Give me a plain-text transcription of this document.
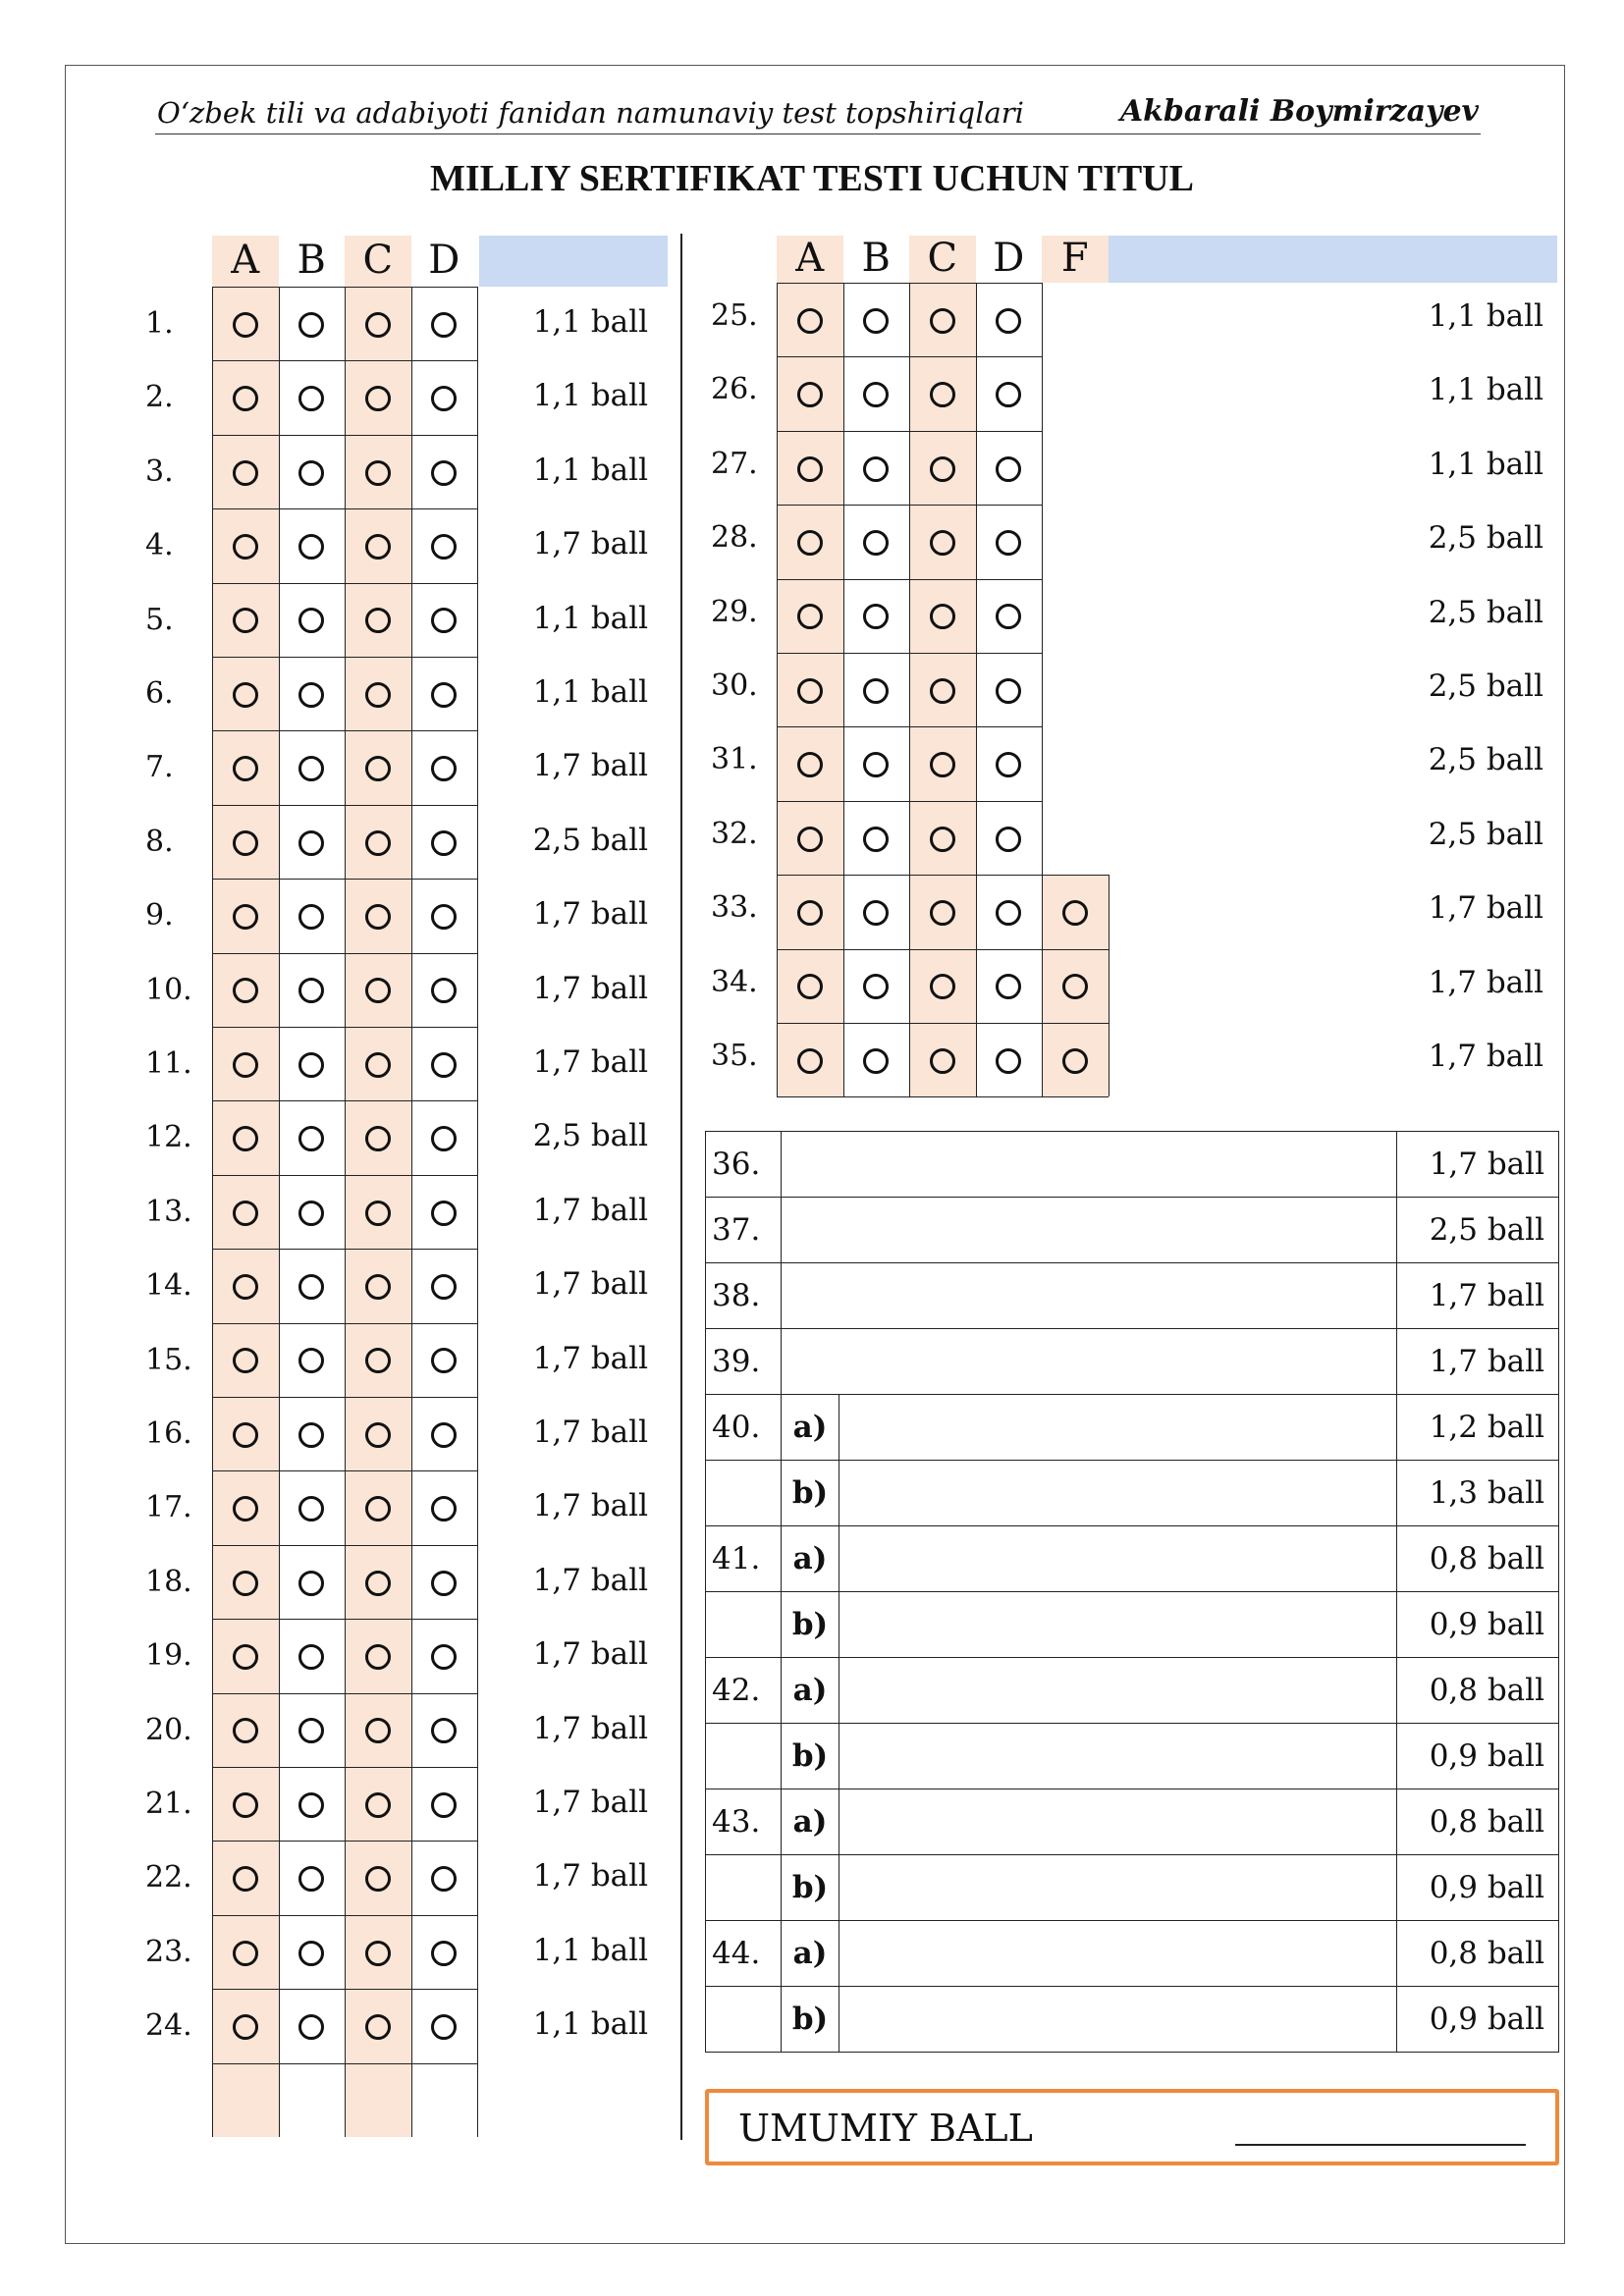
O‘zbek tili va adabiyoti fanidan namunaviy test topshiriqlari	Akbarali Boymirzayev
MILLIY SERTIFIKAT TESTI UCHUN TITUL
A B C D
1.	1,1 ball
2.	1,1 ball
3.	1,1 ball
4.	1,7 ball
5.	1,1 ball
6.	1,1 ball
7.	1,7 ball
8.	2,5 ball
9.	1,7 ball
10.	1,7 ball
11.	1,7 ball
12.	2,5 ball
13.	1,7 ball
14.	1,7 ball
15.	1,7 ball
16.	1,7 ball
17.	1,7 ball
18.	1,7 ball
19.	1,7 ball
20.	1,7 ball
21.	1,7 ball
22.	1,7 ball
23.	1,1 ball
24.	1,1 ball
A B C D F
25.	1,1 ball
26.	1,1 ball
27.	1,1 ball
28.	2,5 ball
29.	2,5 ball
30.	2,5 ball
31.	2,5 ball
32.	2,5 ball
33.	1,7 ball
34.	1,7 ball
35.	1,7 ball
36.			1,7 ball
37.			2,5 ball
38.			1,7 ball
39.			1,7 ball
40.	a)		1,2 ball
	b)		1,3 ball
41.	a)		0,8 ball
	b)		0,9 ball
42.	a)		0,8 ball
	b)		0,9 ball
43.	a)		0,8 ball
	b)		0,9 ball
44.	a)		0,8 ball
	b)		0,9 ball
UMUMIY BALL
